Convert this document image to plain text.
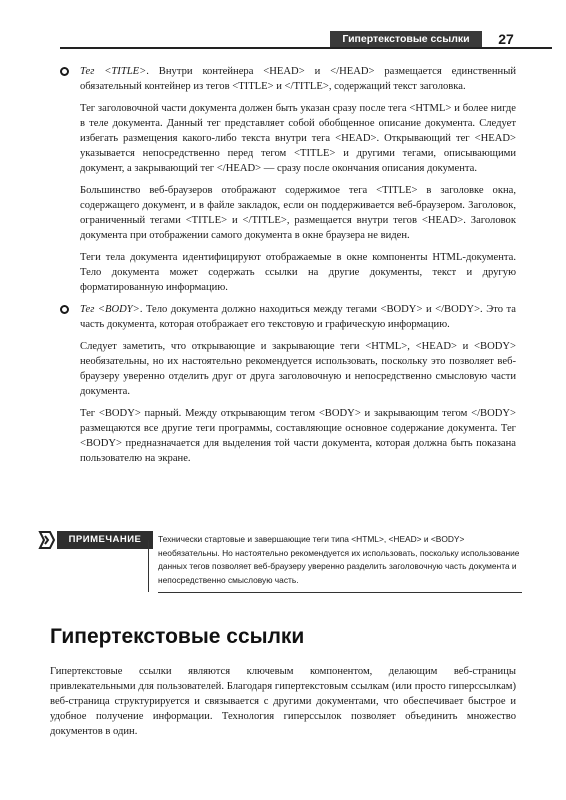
Гипертекстовые ссылки	27

Тег <TITLE>. Внутри контейнера <HEAD> и </HEAD> размещается единственный обязательный контейнер из тегов <TITLE> и </TITLE>, содержащий текст заголовка.

Тег заголовочной части документа должен быть указан сразу после тега <HTML> и более нигде в теле документа. Данный тег представляет собой обобщенное описание документа. Следует избегать размещения какого-либо текста внутри тега <HEAD>. Открывающий тег <HEAD> указывается непосредственно перед тегом <TITLE> и другими тегами, описывающими документ, а закрывающий тег </HEAD> — сразу после окончания описания документа.

Большинство веб-браузеров отображают содержимое тега <TITLE> в заголовке окна, содержащего документ, и в файле закладок, если он поддерживается веб-браузером. Заголовок, ограниченный тегами <TITLE> и </TITLE>, размещается внутри тегов <HEAD>. Заголовок документа при отображении самого документа в окне браузера не виден.

Теги тела документа идентифицируют отображаемые в окне компоненты HTML-документа. Тело документа может содержать ссылки на другие документы, текст и другую форматированную информацию.

Тег <BODY>. Тело документа должно находиться между тегами <BODY> и </BODY>. Это та часть документа, которая отображает его текстовую и графическую информацию.

Следует заметить, что открывающие и закрывающие теги <HTML>, <HEAD> и <BODY> необязательны, но их настоятельно рекомендуется использовать, поскольку это позволяет веб-браузеру уверенно отделить друг от друга заголовочную и непосредственно смысловую части документа.

Тег <BODY> парный. Между открывающим тегом <BODY> и закрывающим тегом </BODY> размещаются все другие теги программы, составляющие основное содержание документа. Тег <BODY> предназначается для выделения той части документа, которая должна быть показана пользователю на экране.

ПРИМЕЧАНИЕ	Технически стартовые и завершающие теги типа <HTML>, <HEAD> и <BODY> необязательны. Но настоятельно рекомендуется их использовать, поскольку использование данных тегов позволяет веб-браузеру уверенно разделить заголовочную часть документа и непосредственно смысловую часть.
Гипертекстовые ссылки

Гипертекстовые ссылки являются ключевым компонентом, делающим веб-страницы привлекательными для пользователей. Благодаря гипертекстовым ссылкам (или просто гиперссылкам) веб-страница структурируется и связывается с другими документами, что обеспечивает быстрое и удобное получение информации. Технология гиперссылок позволяет объединить множество документов в один.
